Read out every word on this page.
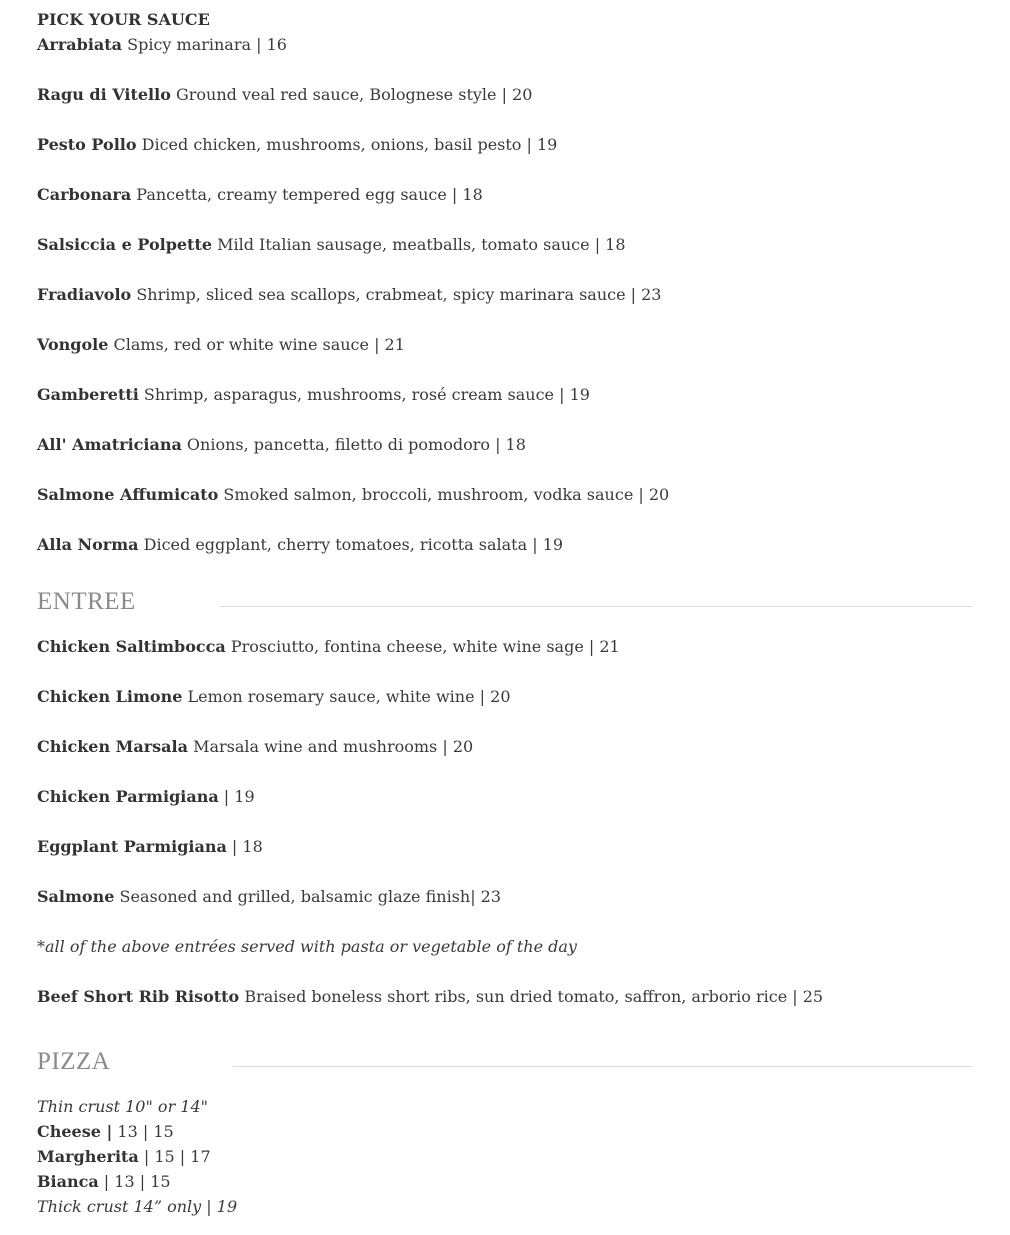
PICK YOUR SAUCE
Arrabiata Spicy marinara | 16
Ragu di Vitello Ground veal red sauce, Bolognese style | 20
Pesto Pollo Diced chicken, mushrooms, onions, basil pesto | 19
Carbonara Pancetta, creamy tempered egg sauce | 18
Salsiccia e Polpette Mild Italian sausage, meatballs, tomato sauce | 18
Fradiavolo Shrimp, sliced sea scallops, crabmeat, spicy marinara sauce | 23
Vongole Clams, red or white wine sauce | 21
Gamberetti Shrimp, asparagus, mushrooms, rosé cream sauce | 19
All' Amatriciana Onions, pancetta, filetto di pomodoro | 18
Salmone Affumicato Smoked salmon, broccoli, mushroom, vodka sauce | 20
Alla Norma Diced eggplant, cherry tomatoes, ricotta salata | 19
ENTREE
Chicken Saltimbocca Prosciutto, fontina cheese, white wine sage | 21
Chicken Limone Lemon rosemary sauce, white wine | 20
Chicken Marsala Marsala wine and mushrooms | 20
Chicken Parmigiana | 19
Eggplant Parmigiana | 18
Salmone Seasoned and grilled, balsamic glaze finish| 23
*all of the above entrées served with pasta or vegetable of the day
Beef Short Rib Risotto Braised boneless short ribs, sun dried tomato, saffron, arborio rice | 25
PIZZA
Thin crust 10" or 14"
Cheese | 13 | 15
Margherita | 15 | 17
Bianca | 13 | 15
Thick crust 14” only | 19
